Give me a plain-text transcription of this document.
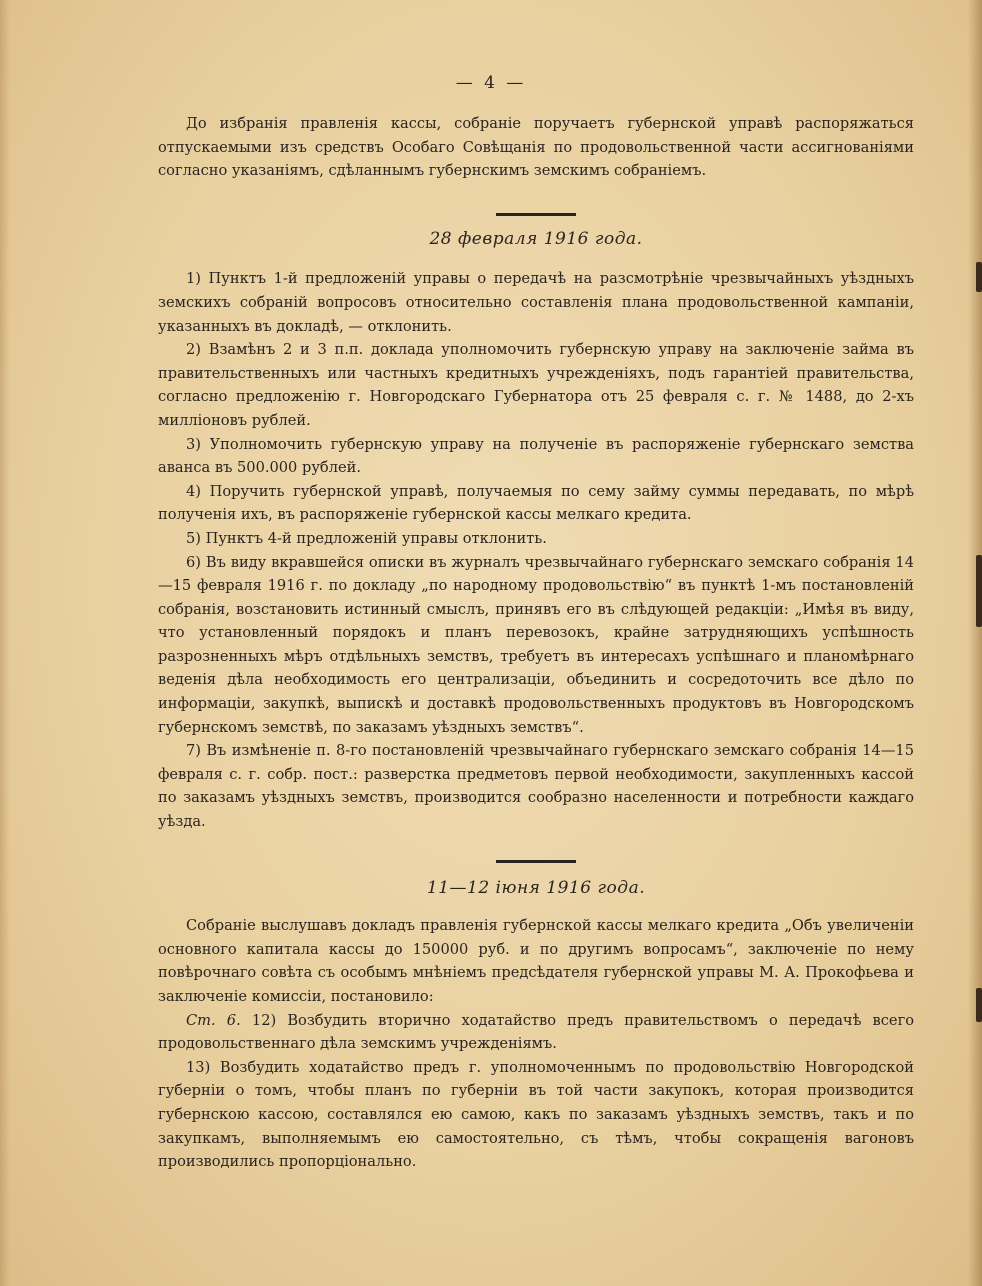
— 4 —

До избранія правленія кассы, собраніе поручаетъ губернской управѣ распоряжаться отпускаемыми изъ средствъ Особаго Совѣщанія по продовольственной части ассигнованіями согласно указаніямъ, сдѣланнымъ губернскимъ земскимъ собраніемъ.

28 февраля 1916 года.

1) Пунктъ 1-й предложеній управы о передачѣ на разсмотрѣніе чрезвычайныхъ уѣздныхъ земскихъ собраній вопросовъ относительно составленія плана продовольственной кампаніи, указанныхъ въ докладѣ, — отклонить.

2) Взамѣнъ 2 и 3 п.п. доклада уполномочить губернскую управу на заключеніе займа въ правительственныхъ или частныхъ кредитныхъ учрежденіяхъ, подъ гарантіей правительства, согласно предложенію г. Новгородскаго Губернатора отъ 25 февраля с. г. № 1488, до 2-хъ милліоновъ рублей.

3) Уполномочить губернскую управу на полученіе въ распоряженіе губернскаго земства аванса въ 500.000 рублей.

4) Поручить губернской управѣ, получаемыя по сему займу суммы передавать, по мѣрѣ полученія ихъ, въ распоряженіе губернской кассы мелкаго кредита.

5) Пунктъ 4-й предложеній управы отклонить.

6) Въ виду вкравшейся описки въ журналъ чрезвычайнаго губернскаго земскаго собранія 14—15 февраля 1916 г. по докладу „по народному продовольствію“ въ пунктѣ 1-мъ постановленій собранія, возстановить истинный смыслъ, принявъ его въ слѣдующей редакціи: „Имѣя въ виду, что установленный порядокъ и планъ перевозокъ, крайне затрудняющихъ успѣшность разрозненныхъ мѣръ отдѣльныхъ земствъ, требуетъ въ интересахъ успѣшнаго и планомѣрнаго веденія дѣла необходимость его централизаціи, объединить и сосредоточить все дѣло по информаціи, закупкѣ, выпискѣ и доставкѣ продовольственныхъ продуктовъ въ Новгородскомъ губернскомъ земствѣ, по заказамъ уѣздныхъ земствъ“.

7) Въ измѣненіе п. 8-го постановленій чрезвычайнаго губернскаго земскаго собранія 14—15 февраля с. г. собр. пост.: разверстка предметовъ первой необходимости, закупленныхъ кассой по заказамъ уѣздныхъ земствъ, производится сообразно населенности и потребности каждаго уѣзда.

11—12 іюня 1916 года.

Собраніе выслушавъ докладъ правленія губернской кассы мелкаго кредита „Объ увеличеніи основного капитала кассы до 150000 руб. и по другимъ вопросамъ“, заключеніе по нему повѣрочнаго совѣта съ особымъ мнѣніемъ предсѣдателя губернской управы М. А. Прокофьева и заключеніе комиссіи, постановило:

Ст. 6. 12) Возбудить вторично ходатайство предъ правительствомъ о передачѣ всего продовольственнаго дѣла земскимъ учрежденіямъ.

13) Возбудить ходатайство предъ г. уполномоченнымъ по продовольствію Новгородской губерніи о томъ, чтобы планъ по губерніи въ той части закупокъ, которая производится губернскою кассою, составлялся ею самою, какъ по заказамъ уѣздныхъ земствъ, такъ и по закупкамъ, выполняемымъ ею самостоятельно, съ тѣмъ, чтобы сокращенія вагоновъ производились пропорціонально.
